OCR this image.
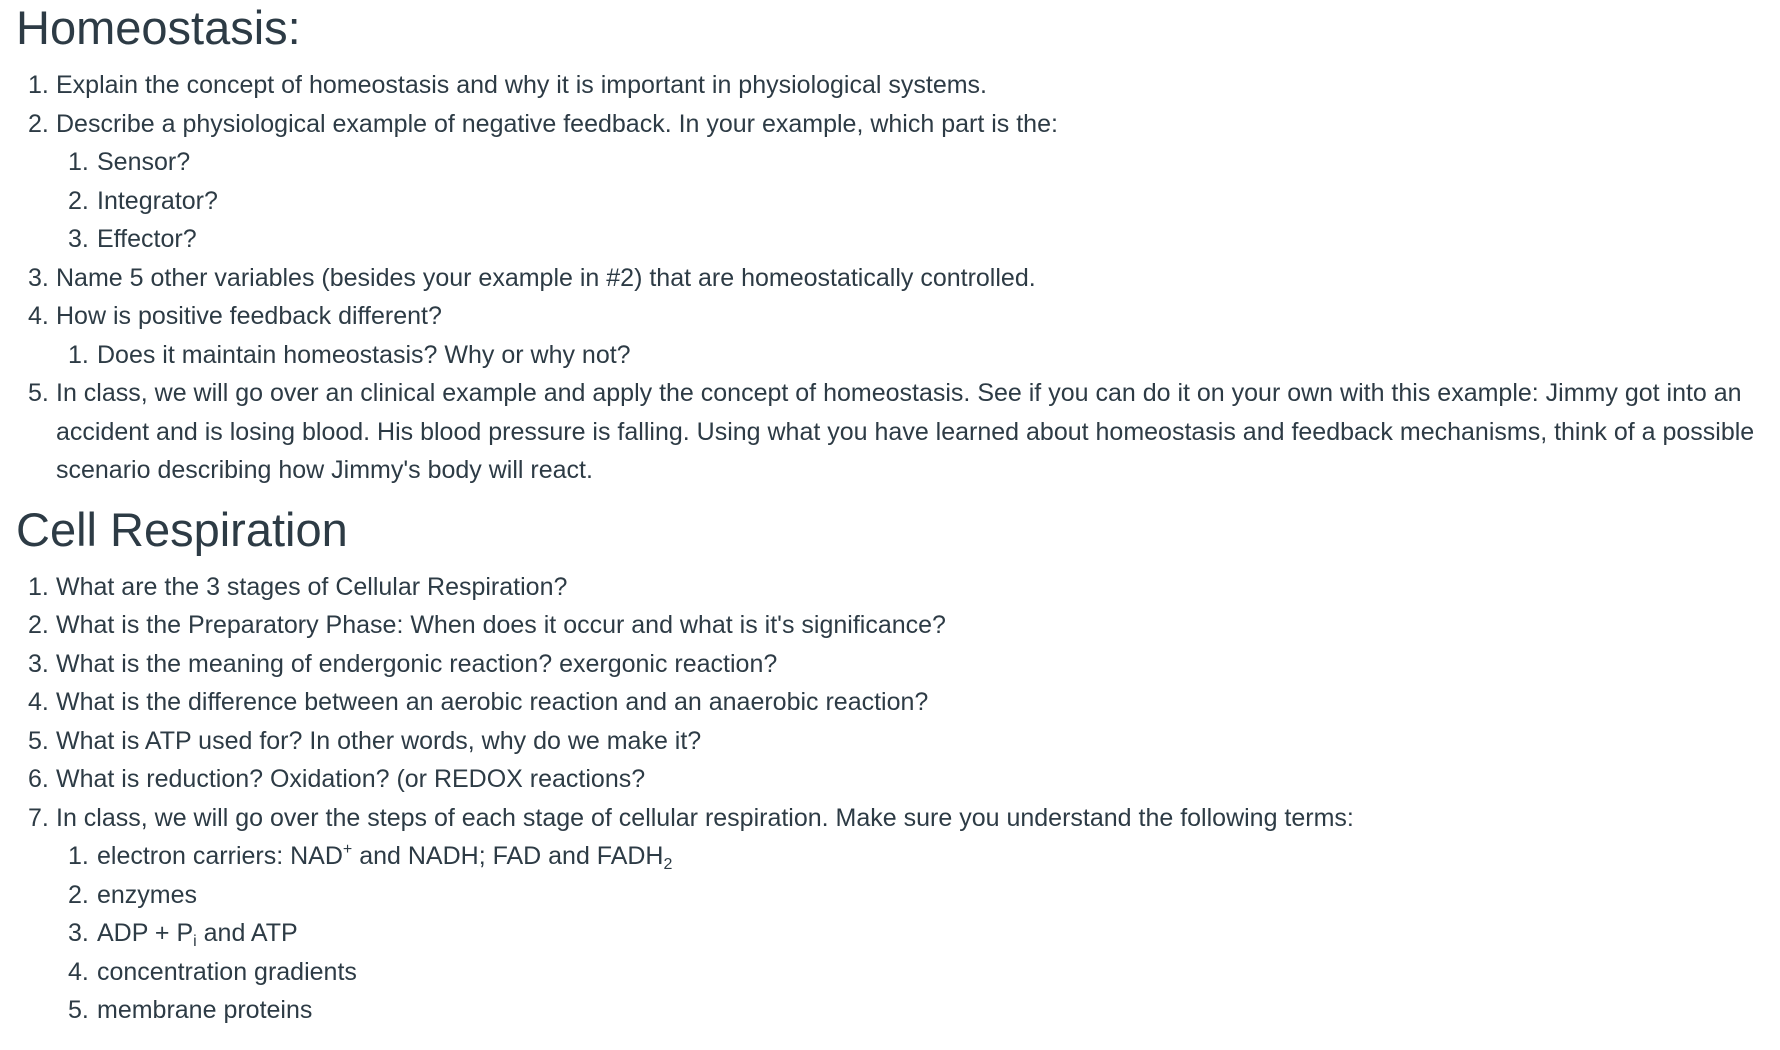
Homeostasis:
1. Explain the concept of homeostasis and why it is important in physiological systems.
2. Describe a physiological example of negative feedback. In your example, which part is the:
1. Sensor?
2. Integrator?
3. Effector?
3. Name 5 other variables (besides your example in #2) that are homeostatically controlled.
4. How is positive feedback different?
1. Does it maintain homeostasis? Why or why not?
5. In class, we will go over an clinical example and apply the concept of homeostasis. See if you can do it on your own with this example: Jimmy got into an accident and is losing blood. His blood pressure is falling. Using what you have learned about homeostasis and feedback mechanisms, think of a possible scenario describing how Jimmy's body will react.
Cell Respiration
1. What are the 3 stages of Cellular Respiration?
2. What is the Preparatory Phase: When does it occur and what is it's significance?
3. What is the meaning of endergonic reaction? exergonic reaction?
4. What is the difference between an aerobic reaction and an anaerobic reaction?
5. What is ATP used for? In other words, why do we make it?
6. What is reduction? Oxidation? (or REDOX reactions?
7. In class, we will go over the steps of each stage of cellular respiration. Make sure you understand the following terms:
1. electron carriers: NAD+ and NADH; FAD and $FADH_2$
2. enzymes
3. ADP + $P_i$ and ATP
4. concentration gradients
5. membrane proteins
